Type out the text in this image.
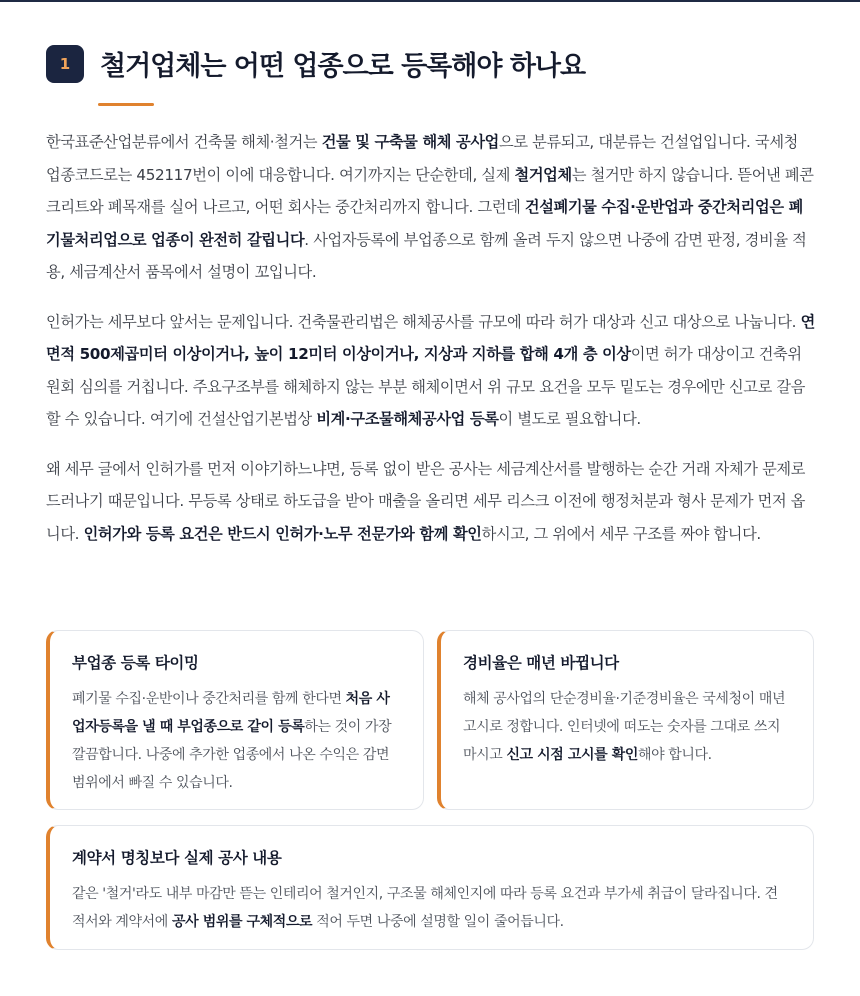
1	철거업체는 어떤 업종으로 등록해야 하나요

한국표준산업분류에서 건축물 해체·철거는 건물 및 구축물 해체 공사업으로 분류되고, 대분류는 건설업입니다. 국세청 업종코드로는 452117번이 이에 대응합니다. 여기까지는 단순한데, 실제 철거업체는 철거만 하지 않습니다. 뜯어낸 폐콘크리트와 폐목재를 실어 나르고, 어떤 회사는 중간처리까지 합니다. 그런데 건설폐기물 수집·운반업과 중간처리업은 폐기물처리업으로 업종이 완전히 갈립니다. 사업자등록에 부업종으로 함께 올려 두지 않으면 나중에 감면 판정, 경비율 적용, 세금계산서 품목에서 설명이 꼬입니다.

인허가는 세무보다 앞서는 문제입니다. 건축물관리법은 해체공사를 규모에 따라 허가 대상과 신고 대상으로 나눕니다. 연면적 500제곱미터 이상이거나, 높이 12미터 이상이거나, 지상과 지하를 합해 4개 층 이상이면 허가 대상이고 건축위원회 심의를 거칩니다. 주요구조부를 해체하지 않는 부분 해체이면서 위 규모 요건을 모두 밑도는 경우에만 신고로 갈음할 수 있습니다. 여기에 건설산업기본법상 비계·구조물해체공사업 등록이 별도로 필요합니다.

왜 세무 글에서 인허가를 먼저 이야기하느냐면, 등록 없이 받은 공사는 세금계산서를 발행하는 순간 거래 자체가 문제로 드러나기 때문입니다. 무등록 상태로 하도급을 받아 매출을 올리면 세무 리스크 이전에 행정처분과 형사 문제가 먼저 옵니다. 인허가와 등록 요건은 반드시 인허가·노무 전문가와 함께 확인하시고, 그 위에서 세무 구조를 짜야 합니다.

부업종 등록 타이밍

폐기물 수집·운반이나 중간처리를 함께 한다면 처음 사업자등록을 낼 때 부업종으로 같이 등록하는 것이 가장 깔끔합니다. 나중에 추가한 업종에서 나온 수익은 감면 범위에서 빠질 수 있습니다.

경비율은 매년 바뀝니다

해체 공사업의 단순경비율·기준경비율은 국세청이 매년 고시로 정합니다. 인터넷에 떠도는 숫자를 그대로 쓰지 마시고 신고 시점 고시를 확인해야 합니다.

계약서 명칭보다 실제 공사 내용

같은 '철거'라도 내부 마감만 뜯는 인테리어 철거인지, 구조물 해체인지에 따라 등록 요건과 부가세 취급이 달라집니다. 견적서와 계약서에 공사 범위를 구체적으로 적어 두면 나중에 설명할 일이 줄어듭니다.
